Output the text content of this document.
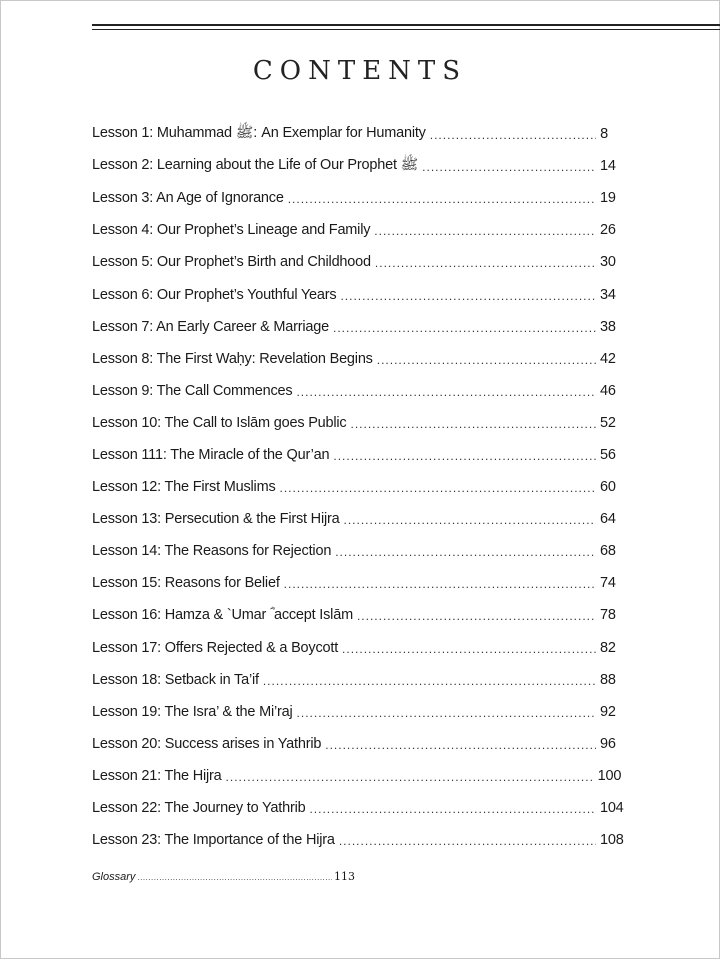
CONTENTS
Lesson 1: Muhammad ﷺ: An Exemplar for Humanity .....	8
Lesson 2: Learning about the Life of Our Prophet ﷺ .....	14
Lesson 3: An Age of Ignorance .....	19
Lesson 4: Our Prophet’s Lineage and Family .....	26
Lesson 5: Our Prophet’s Birth and Childhood .....	30
Lesson 6: Our Prophet’s Youthful Years .....	34
Lesson 7: An Early Career & Marriage .....	38
Lesson 8: The First Waḥy: Revelation Begins .....	42
Lesson 9: The Call Commences .....	46
Lesson 10: The Call to Islām goes Public .....	52
Lesson 111: The Miracle of the Qur’an .....	56
Lesson 12: The First Muslims .....	60
Lesson 13: Persecution & the First Hijra .....	64
Lesson 14: The Reasons for Rejection .....	68
Lesson 15: Reasons for Belief .....	74
Lesson 16: Hamza & `Umar ؓ accept Islām .....	78
Lesson 17: Offers Rejected & a Boycott .....	82
Lesson 18: Setback in Ta’if .....	88
Lesson 19: The Isra’ & the Mi’raj .....	92
Lesson 20: Success arises in Yathrib .....	96
Lesson 21: The Hijra .....	100
Lesson 22: The Journey to Yathrib .....	104
Lesson 23: The Importance of the Hijra .....	108
Glossary .....	113
